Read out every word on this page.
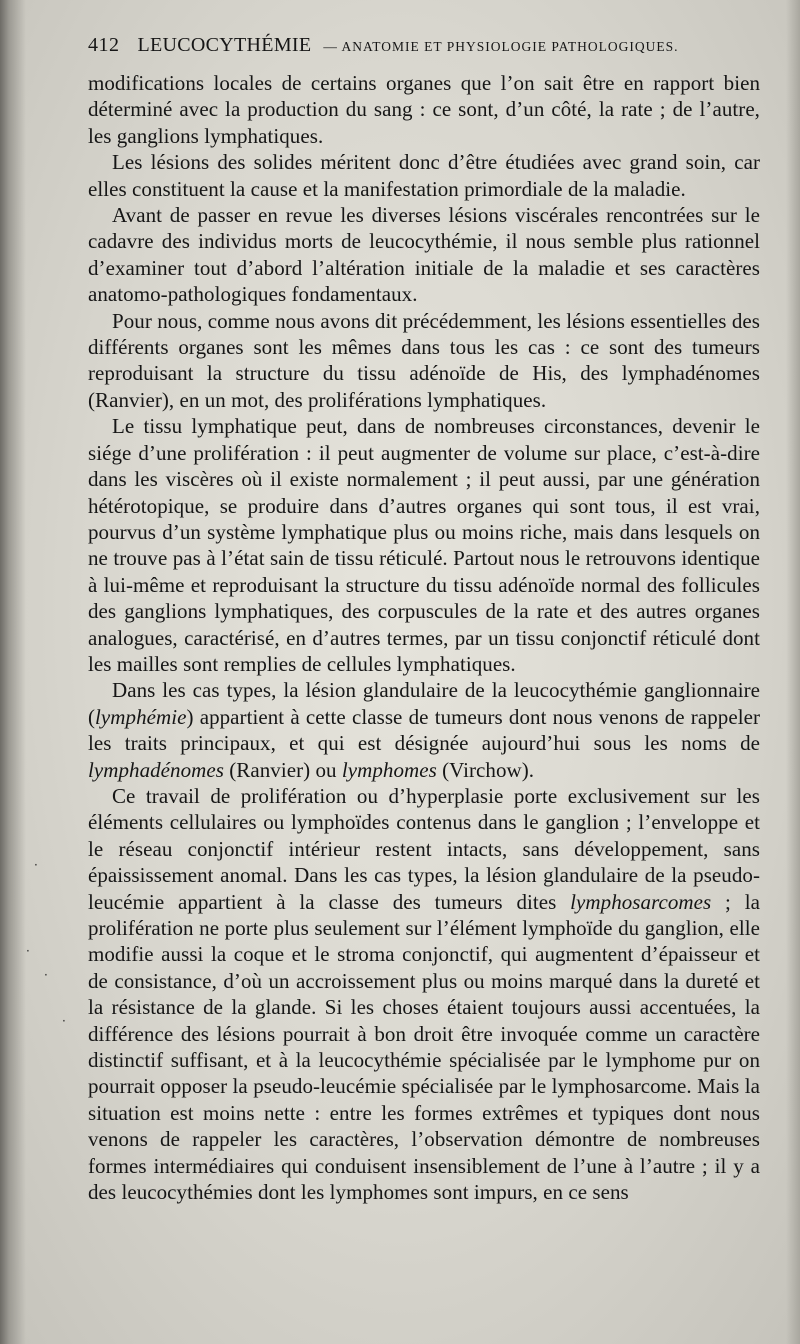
412 LEUCOCYTHÉMIE — ANATOMIE ET PHYSIOLOGIE PATHOLOGIQUES.

modifications locales de certains organes que l’on sait être en rapport bien déterminé avec la production du sang : ce sont, d’un côté, la rate ; de l’autre, les ganglions lymphatiques.

Les lésions des solides méritent donc d’être étudiées avec grand soin, car elles constituent la cause et la manifestation primordiale de la maladie.

Avant de passer en revue les diverses lésions viscérales rencontrées sur le cadavre des individus morts de leucocythémie, il nous semble plus rationnel d’examiner tout d’abord l’altération initiale de la maladie et ses caractères anatomo-pathologiques fondamentaux.

Pour nous, comme nous avons dit précédemment, les lésions essentielles des différents organes sont les mêmes dans tous les cas : ce sont des tumeurs reproduisant la structure du tissu adénoïde de His, des lymphadénomes (Ranvier), en un mot, des proliférations lymphatiques.

Le tissu lymphatique peut, dans de nombreuses circonstances, devenir le siége d’une prolifération : il peut augmenter de volume sur place, c’est-à-dire dans les viscères où il existe normalement ; il peut aussi, par une génération hétérotopique, se produire dans d’autres organes qui sont tous, il est vrai, pourvus d’un système lymphatique plus ou moins riche, mais dans lesquels on ne trouve pas à l’état sain de tissu réticulé. Partout nous le retrouvons identique à lui-même et reproduisant la structure du tissu adénoïde normal des follicules des ganglions lymphatiques, des corpuscules de la rate et des autres organes analogues, caractérisé, en d’autres termes, par un tissu conjonctif réticulé dont les mailles sont remplies de cellules lymphatiques.

Dans les cas types, la lésion glandulaire de la leucocythémie ganglionnaire (lymphémie) appartient à cette classe de tumeurs dont nous venons de rappeler les traits principaux, et qui est désignée aujourd’hui sous les noms de lymphadénomes (Ranvier) ou lymphomes (Virchow).

Ce travail de prolifération ou d’hyperplasie porte exclusivement sur les éléments cellulaires ou lymphoïdes contenus dans le ganglion ; l’enveloppe et le réseau conjonctif intérieur restent intacts, sans développement, sans épaississement anomal. Dans les cas types, la lésion glandulaire de la pseudo-leucémie appartient à la classe des tumeurs dites lymphosarcomes ; la prolifération ne porte plus seulement sur l’élément lymphoïde du ganglion, elle modifie aussi la coque et le stroma conjonctif, qui augmentent d’épaisseur et de consistance, d’où un accroissement plus ou moins marqué dans la dureté et la résistance de la glande. Si les choses étaient toujours aussi accentuées, la différence des lésions pourrait à bon droit être invoquée comme un caractère distinctif suffisant, et à la leucocythémie spécialisée par le lymphome pur on pourrait opposer la pseudo-leucémie spécialisée par le lymphosarcome. Mais la situation est moins nette : entre les formes extrêmes et typiques dont nous venons de rappeler les caractères, l’observation démontre de nombreuses formes intermédiaires qui conduisent insensiblement de l’une à l’autre ; il y a des leucocythémies dont les lymphomes sont impurs, en ce sens

·
·
·
·
